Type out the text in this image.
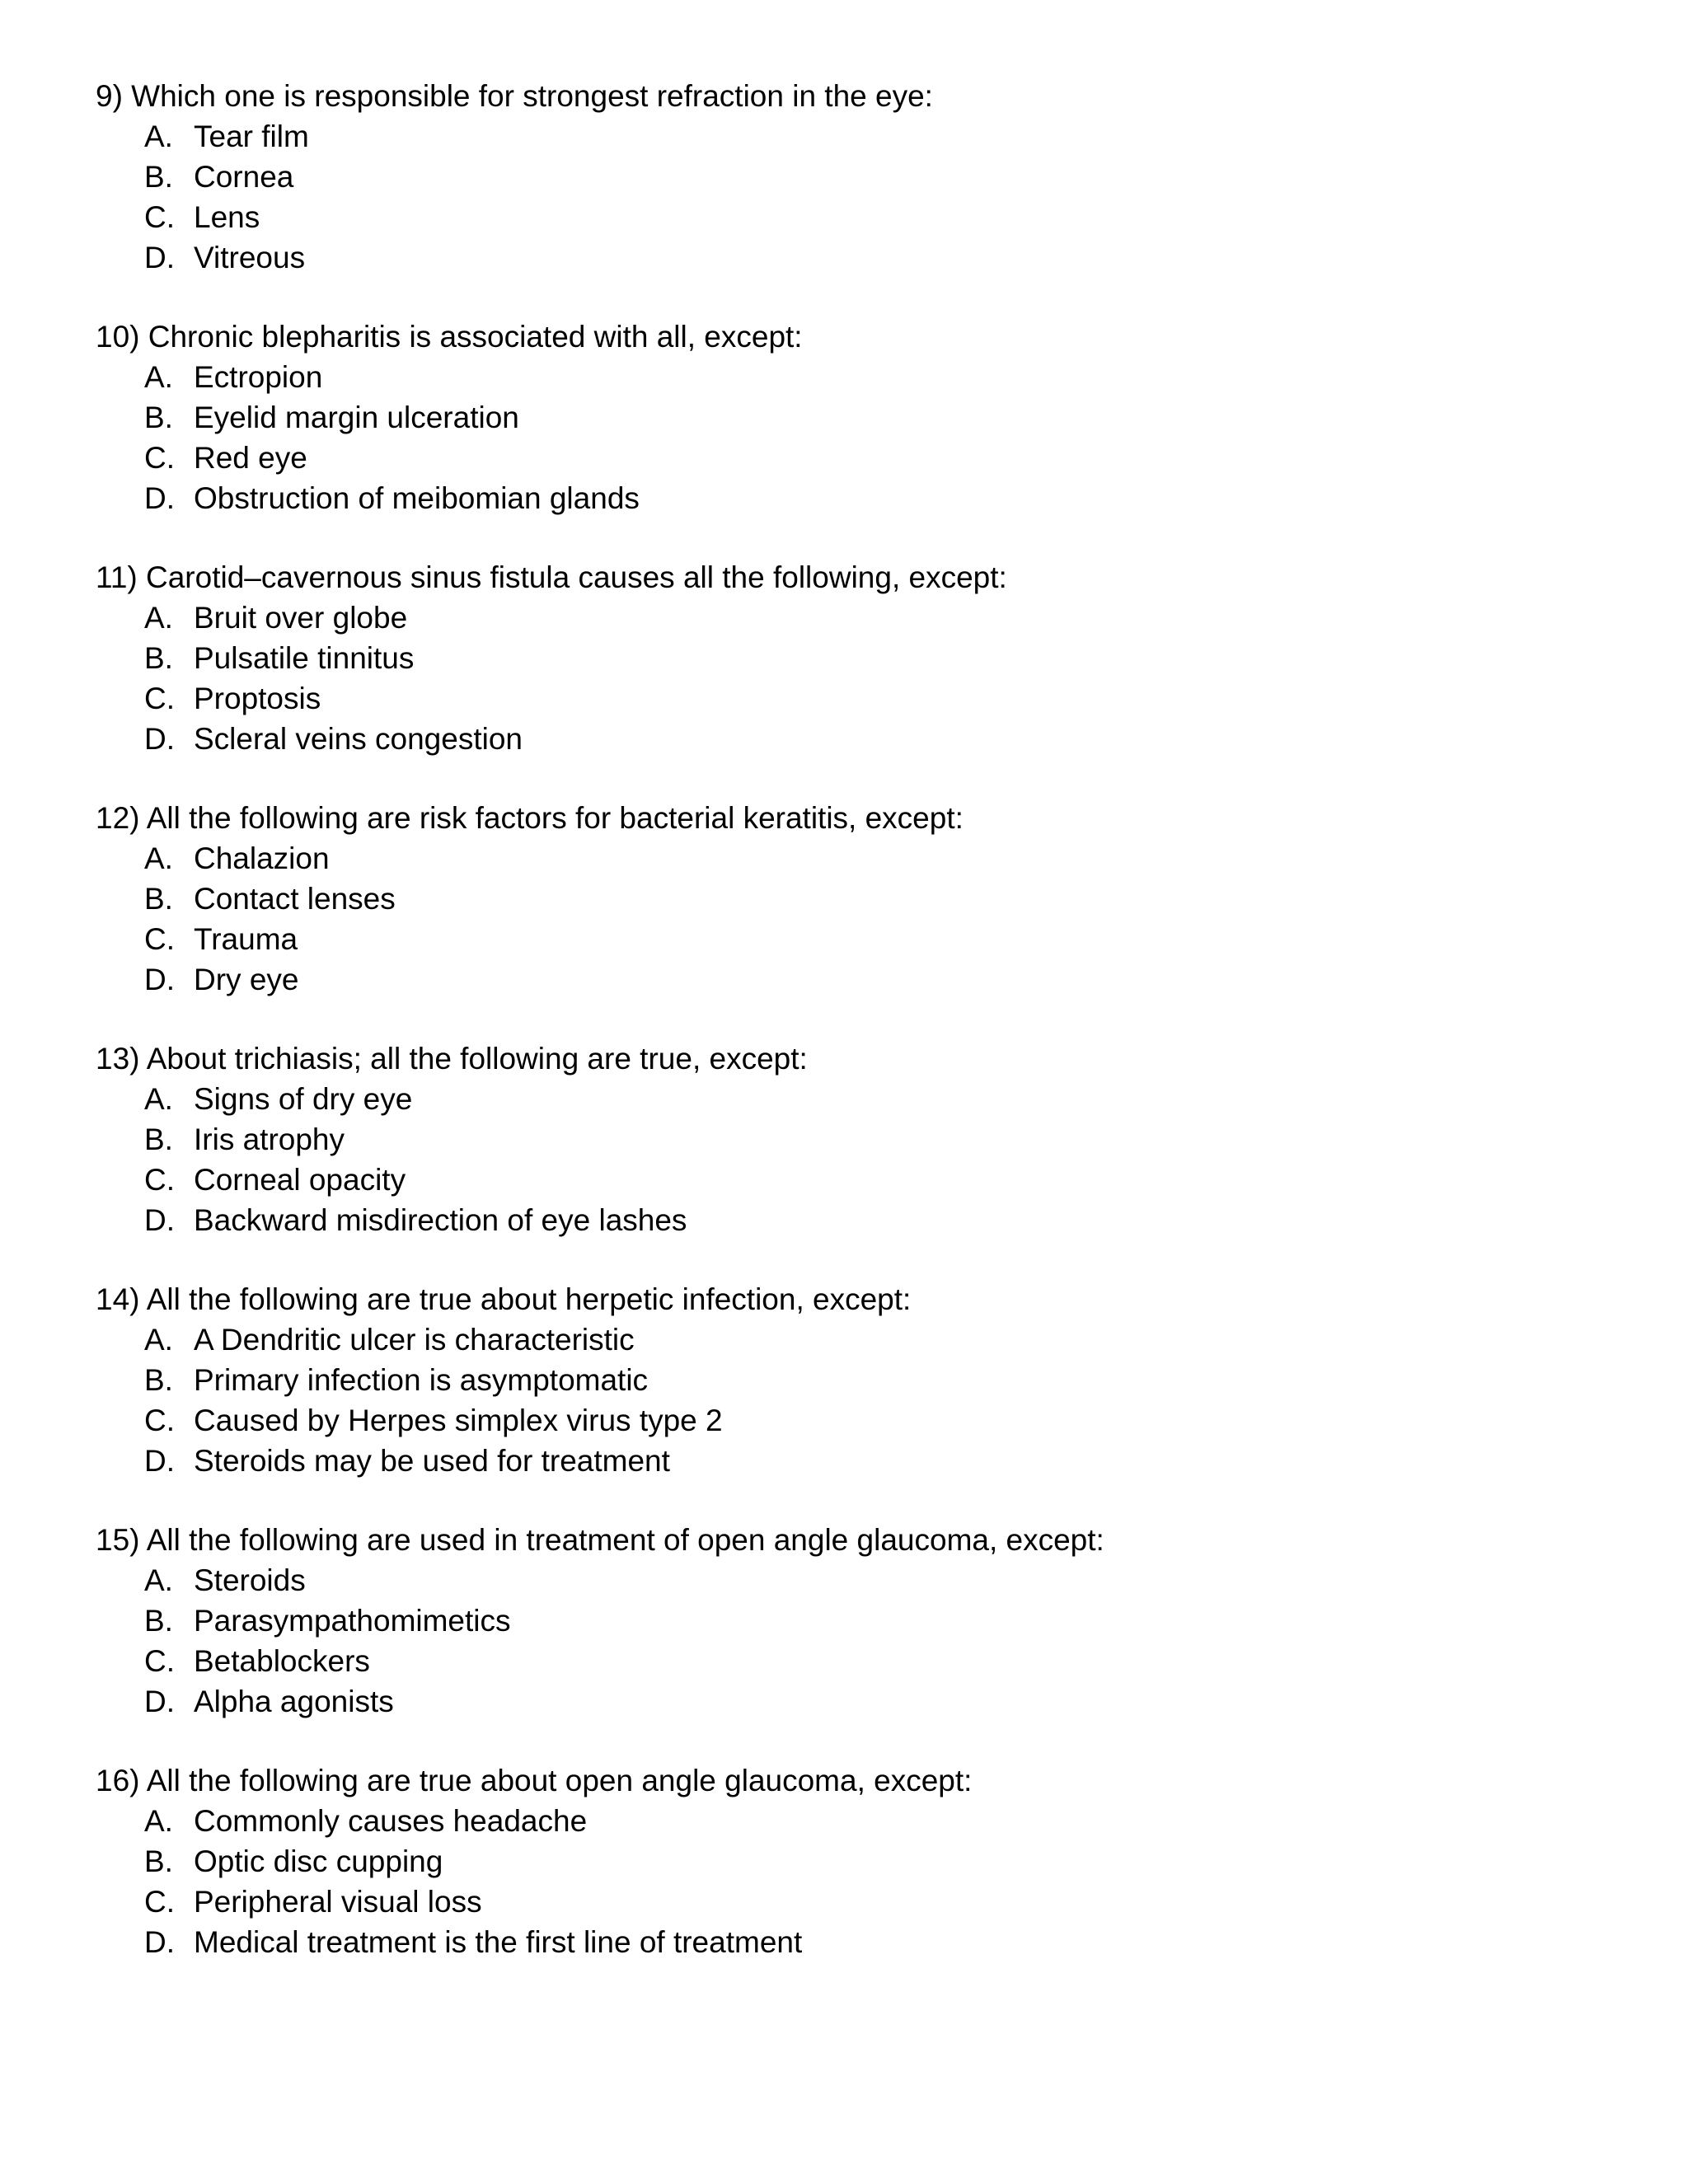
9) Which one is responsible for strongest refraction in the eye:
A. Tear film
B. Cornea
C. Lens
D. Vitreous
10) Chronic blepharitis is associated with all, except:
A. Ectropion
B. Eyelid margin ulceration
C. Red eye
D. Obstruction of meibomian glands
11) Carotid–cavernous sinus fistula causes all the following, except:
A. Bruit over globe
B. Pulsatile tinnitus
C. Proptosis
D. Scleral veins congestion
12) All the following are risk factors for bacterial keratitis, except:
A. Chalazion
B. Contact lenses
C. Trauma
D. Dry eye
13) About trichiasis; all the following are true, except:
A. Signs of dry eye
B. Iris atrophy
C. Corneal opacity
D. Backward misdirection of eye lashes
14) All the following are true about herpetic infection, except:
A. A Dendritic ulcer is characteristic
B. Primary infection is asymptomatic
C. Caused by Herpes simplex virus type 2
D. Steroids may be used for treatment
15) All the following are used in treatment of open angle glaucoma, except:
A. Steroids
B. Parasympathomimetics
C. Betablockers
D. Alpha agonists
16) All the following are true about open angle glaucoma, except:
A. Commonly causes headache
B. Optic disc cupping
C. Peripheral visual loss
D. Medical treatment is the first line of treatment
